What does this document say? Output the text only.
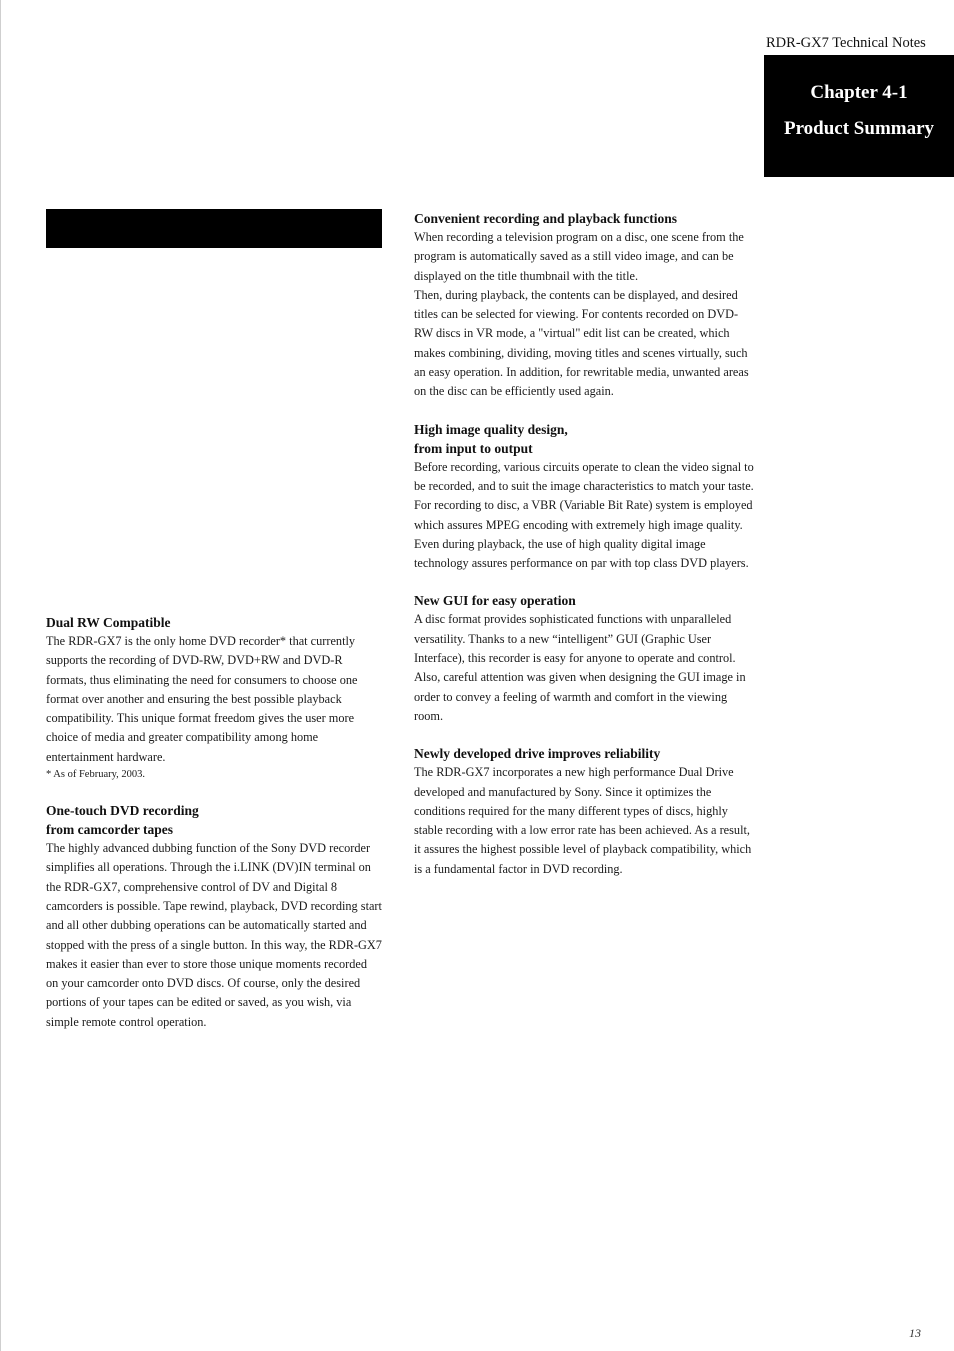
RDR-GX7 Technical Notes
Chapter 4-1
Product Summary
Dual RW Compatible

The RDR-GX7 is the only home DVD recorder* that currently supports the recording of DVD-RW, DVD+RW and DVD-R formats, thus eliminating the need for consumers to choose one format over another and ensuring the best possible playback compatibility. This unique format freedom gives the user more choice of media and greater compatibility among home entertainment hardware.

* As of February, 2003.

One-touch DVD recording
from camcorder tapes

The highly advanced dubbing function of the Sony DVD recorder simplifies all operations. Through the i.LINK (DV)IN terminal on the RDR-GX7, comprehensive control of DV and Digital 8 camcorders is possible. Tape rewind, playback, DVD recording start and all other dubbing operations can be automatically started and stopped with the press of a single button. In this way, the RDR-GX7 makes it easier than ever to store those unique moments recorded on your camcorder onto DVD discs. Of course, only the desired portions of your tapes can be edited or saved, as you wish, via simple remote control operation.

Convenient recording and playback functions

When recording a television program on a disc, one scene from the program is automatically saved as a still video image, and can be displayed on the title thumbnail with the title.

Then, during playback, the contents can be displayed, and desired titles can be selected for viewing. For contents recorded on DVD-RW discs in VR mode, a "virtual" edit list can be created, which makes combining, dividing, moving titles and scenes virtually, such an easy operation. In addition, for rewritable media, unwanted areas on the disc can be efficiently used again.

High image quality design,
from input to output

Before recording, various circuits operate to clean the video signal to be recorded, and to suit the image characteristics to match your taste. For recording to disc, a VBR (Variable Bit Rate) system is employed which assures MPEG encoding with extremely high image quality. Even during playback, the use of high quality digital image technology assures performance on par with top class DVD players.

New GUI for easy operation

A disc format provides sophisticated functions with unparalleled versatility. Thanks to a new “intelligent” GUI (Graphic User Interface), this recorder is easy for anyone to operate and control. Also, careful attention was given when designing the GUI image in order to convey a feeling of warmth and comfort in the viewing room.

Newly developed drive improves reliability

The RDR-GX7 incorporates a new high performance Dual Drive developed and manufactured by Sony. Since it optimizes the conditions required for the many different types of discs, highly stable recording with a low error rate has been achieved. As a result, it assures the highest possible level of playback compatibility, which is a fundamental factor in DVD recording.

13
